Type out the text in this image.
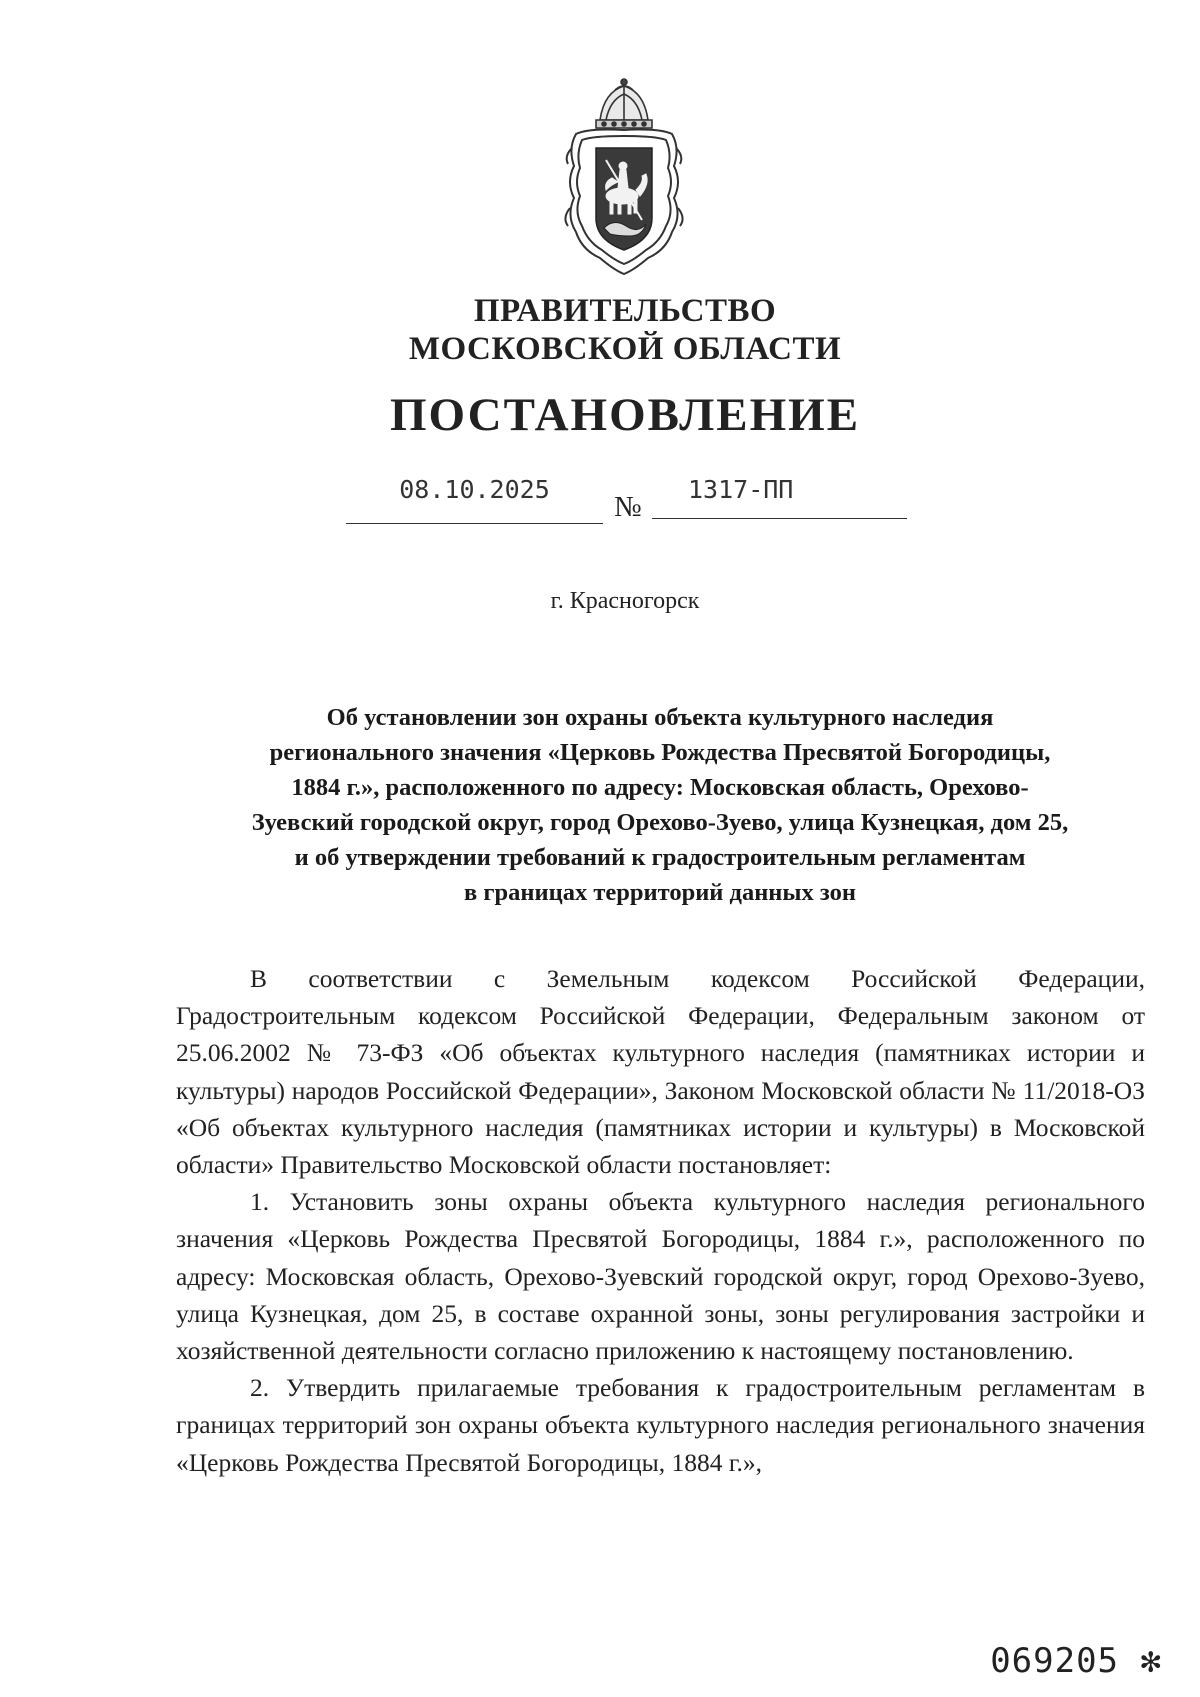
ПРАВИТЕЛЬСТВО
МОСКОВСКОЙ ОБЛАСТИ
ПОСТАНОВЛЕНИЕ
08.10.2025
№
1317-ПП
г. Красногорск
Об установлении зон охраны объекта культурного наследия
регионального значения «Церковь Рождества Пресвятой Богородицы,
1884 г.», расположенного по адресу: Московская область, Орехово-
Зуевский городской округ, город Орехово-Зуево, улица Кузнецкая, дом 25,
и об утверждении требований к градостроительным регламентам
в границах территорий данных зон

В соответствии с Земельным кодексом Российской Федерации, Градостроительным кодексом Российской Федерации, Федеральным законом от 25.06.2002 № 73-ФЗ «Об объектах культурного наследия (памятниках истории и культуры) народов Российской Федерации», Законом Московской области № 11/2018-ОЗ «Об объектах культурного наследия (памятниках истории и культуры) в Московской области» Правительство Московской области постановляет:

1. Установить зоны охраны объекта культурного наследия регионального значения «Церковь Рождества Пресвятой Богородицы, 1884 г.», расположенного по адресу: Московская область, Орехово-Зуевский городской округ, город Орехово-Зуево, улица Кузнецкая, дом 25, в составе охранной зоны, зоны регулирования застройки и хозяйственной деятельности согласно приложению к настоящему постановлению.

2. Утвердить прилагаемые требования к градостроительным регламентам в границах территорий зон охраны объекта культурного наследия регионального значения «Церковь Рождества Пресвятой Богородицы, 1884 г.»,

069205 ✻
